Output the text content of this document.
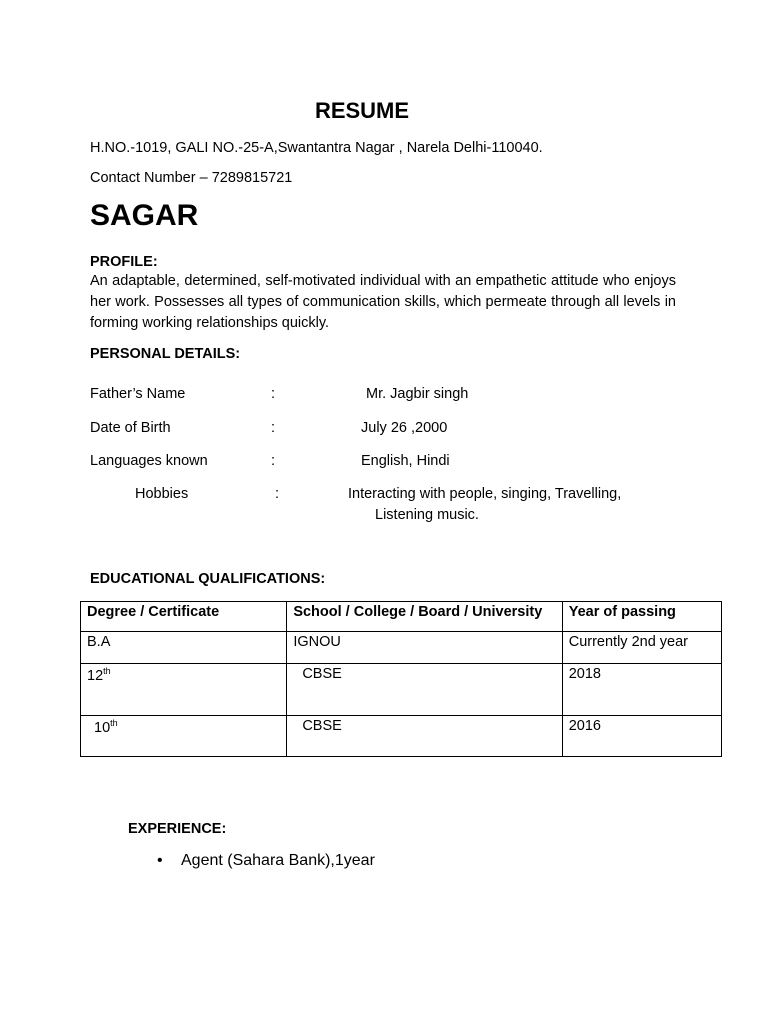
RESUME
H.NO.-1019, GALI NO.-25-A,Swantantra Nagar , Narela Delhi-110040.
Contact Number – 7289815721
SAGAR
PROFILE:
An adaptable, determined, self-motivated individual with an empathetic attitude who enjoys her work. Possesses all types of communication skills, which permeate through all levels in forming working relationships quickly.
PERSONAL DETAILS:
Father’s Name	:	Mr. Jagbir singh
Date of Birth	:	July 26 ,2000
Languages known	:	English, Hindi
Hobbies	:	Interacting with people, singing, Travelling,
Listening music.
EDUCATIONAL QUALIFICATIONS:
Degree / Certificate	School / College / Board / University	Year of passing
B.A	IGNOU	Currently 2nd year
12th	CBSE	2018
10th	CBSE	2016
EXPERIENCE:
• Agent (Sahara Bank),1year
